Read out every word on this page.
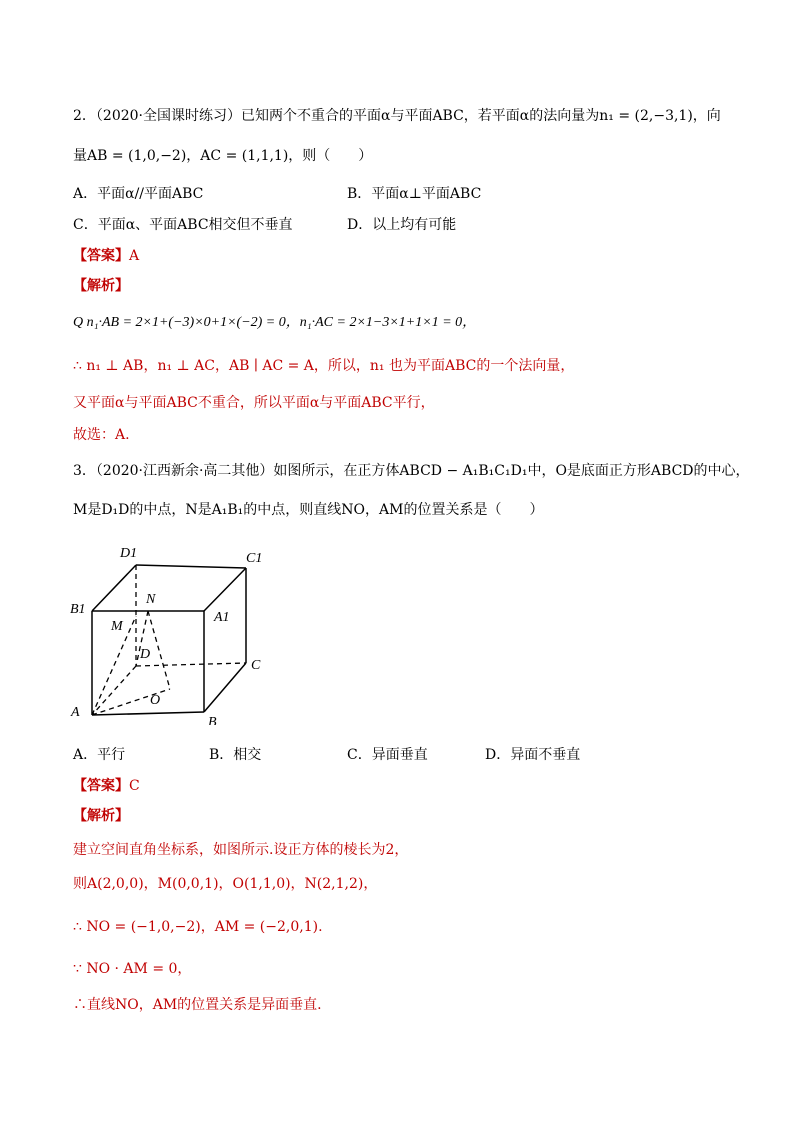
2．（2020·全国课时练习）已知两个不重合的平面α与平面ABC，若平面α的法向量为n₁ = (2,−3,1)，向
量AB = (1,0,−2)，AC = (1,1,1)，则（　　）
A．平面α//平面ABC	B．平面α⊥平面ABC
C．平面α、平面ABC相交但不垂直	D．以上均有可能
【答案】A
【解析】
Q n₁·AB = 2×1+(−3)×0+1×(−2) = 0，n₁·AC = 2×1−3×1+1×1 = 0，
∴ n₁ ⊥ AB，n₁ ⊥ AC，AB ∣ AC = A，所以，n₁ 也为平面ABC的一个法向量，
又平面α与平面ABC不重合，所以平面α与平面ABC平行，
故选：A.
3．（2020·江西新余·高二其他）如图所示，在正方体ABCD − A₁B₁C₁D₁中，O是底面正方形ABCD的中心，
M是D₁D的中点，N是A₁B₁的中点，则直线NO，AM的位置关系是（　　）
D1	C1
B1
N
A1
M
D
C
O
A
B
A．平行	B．相交	C．异面垂直	D．异面不垂直
【答案】C
【解析】
建立空间直角坐标系，如图所示.设正方体的棱长为2，
则A(2,0,0)，M(0,0,1)，O(1,1,0)，N(2,1,2)，
∴ NO = (−1,0,−2)，AM = (−2,0,1).
∵ NO · AM = 0，
∴直线NO，AM的位置关系是异面垂直.
